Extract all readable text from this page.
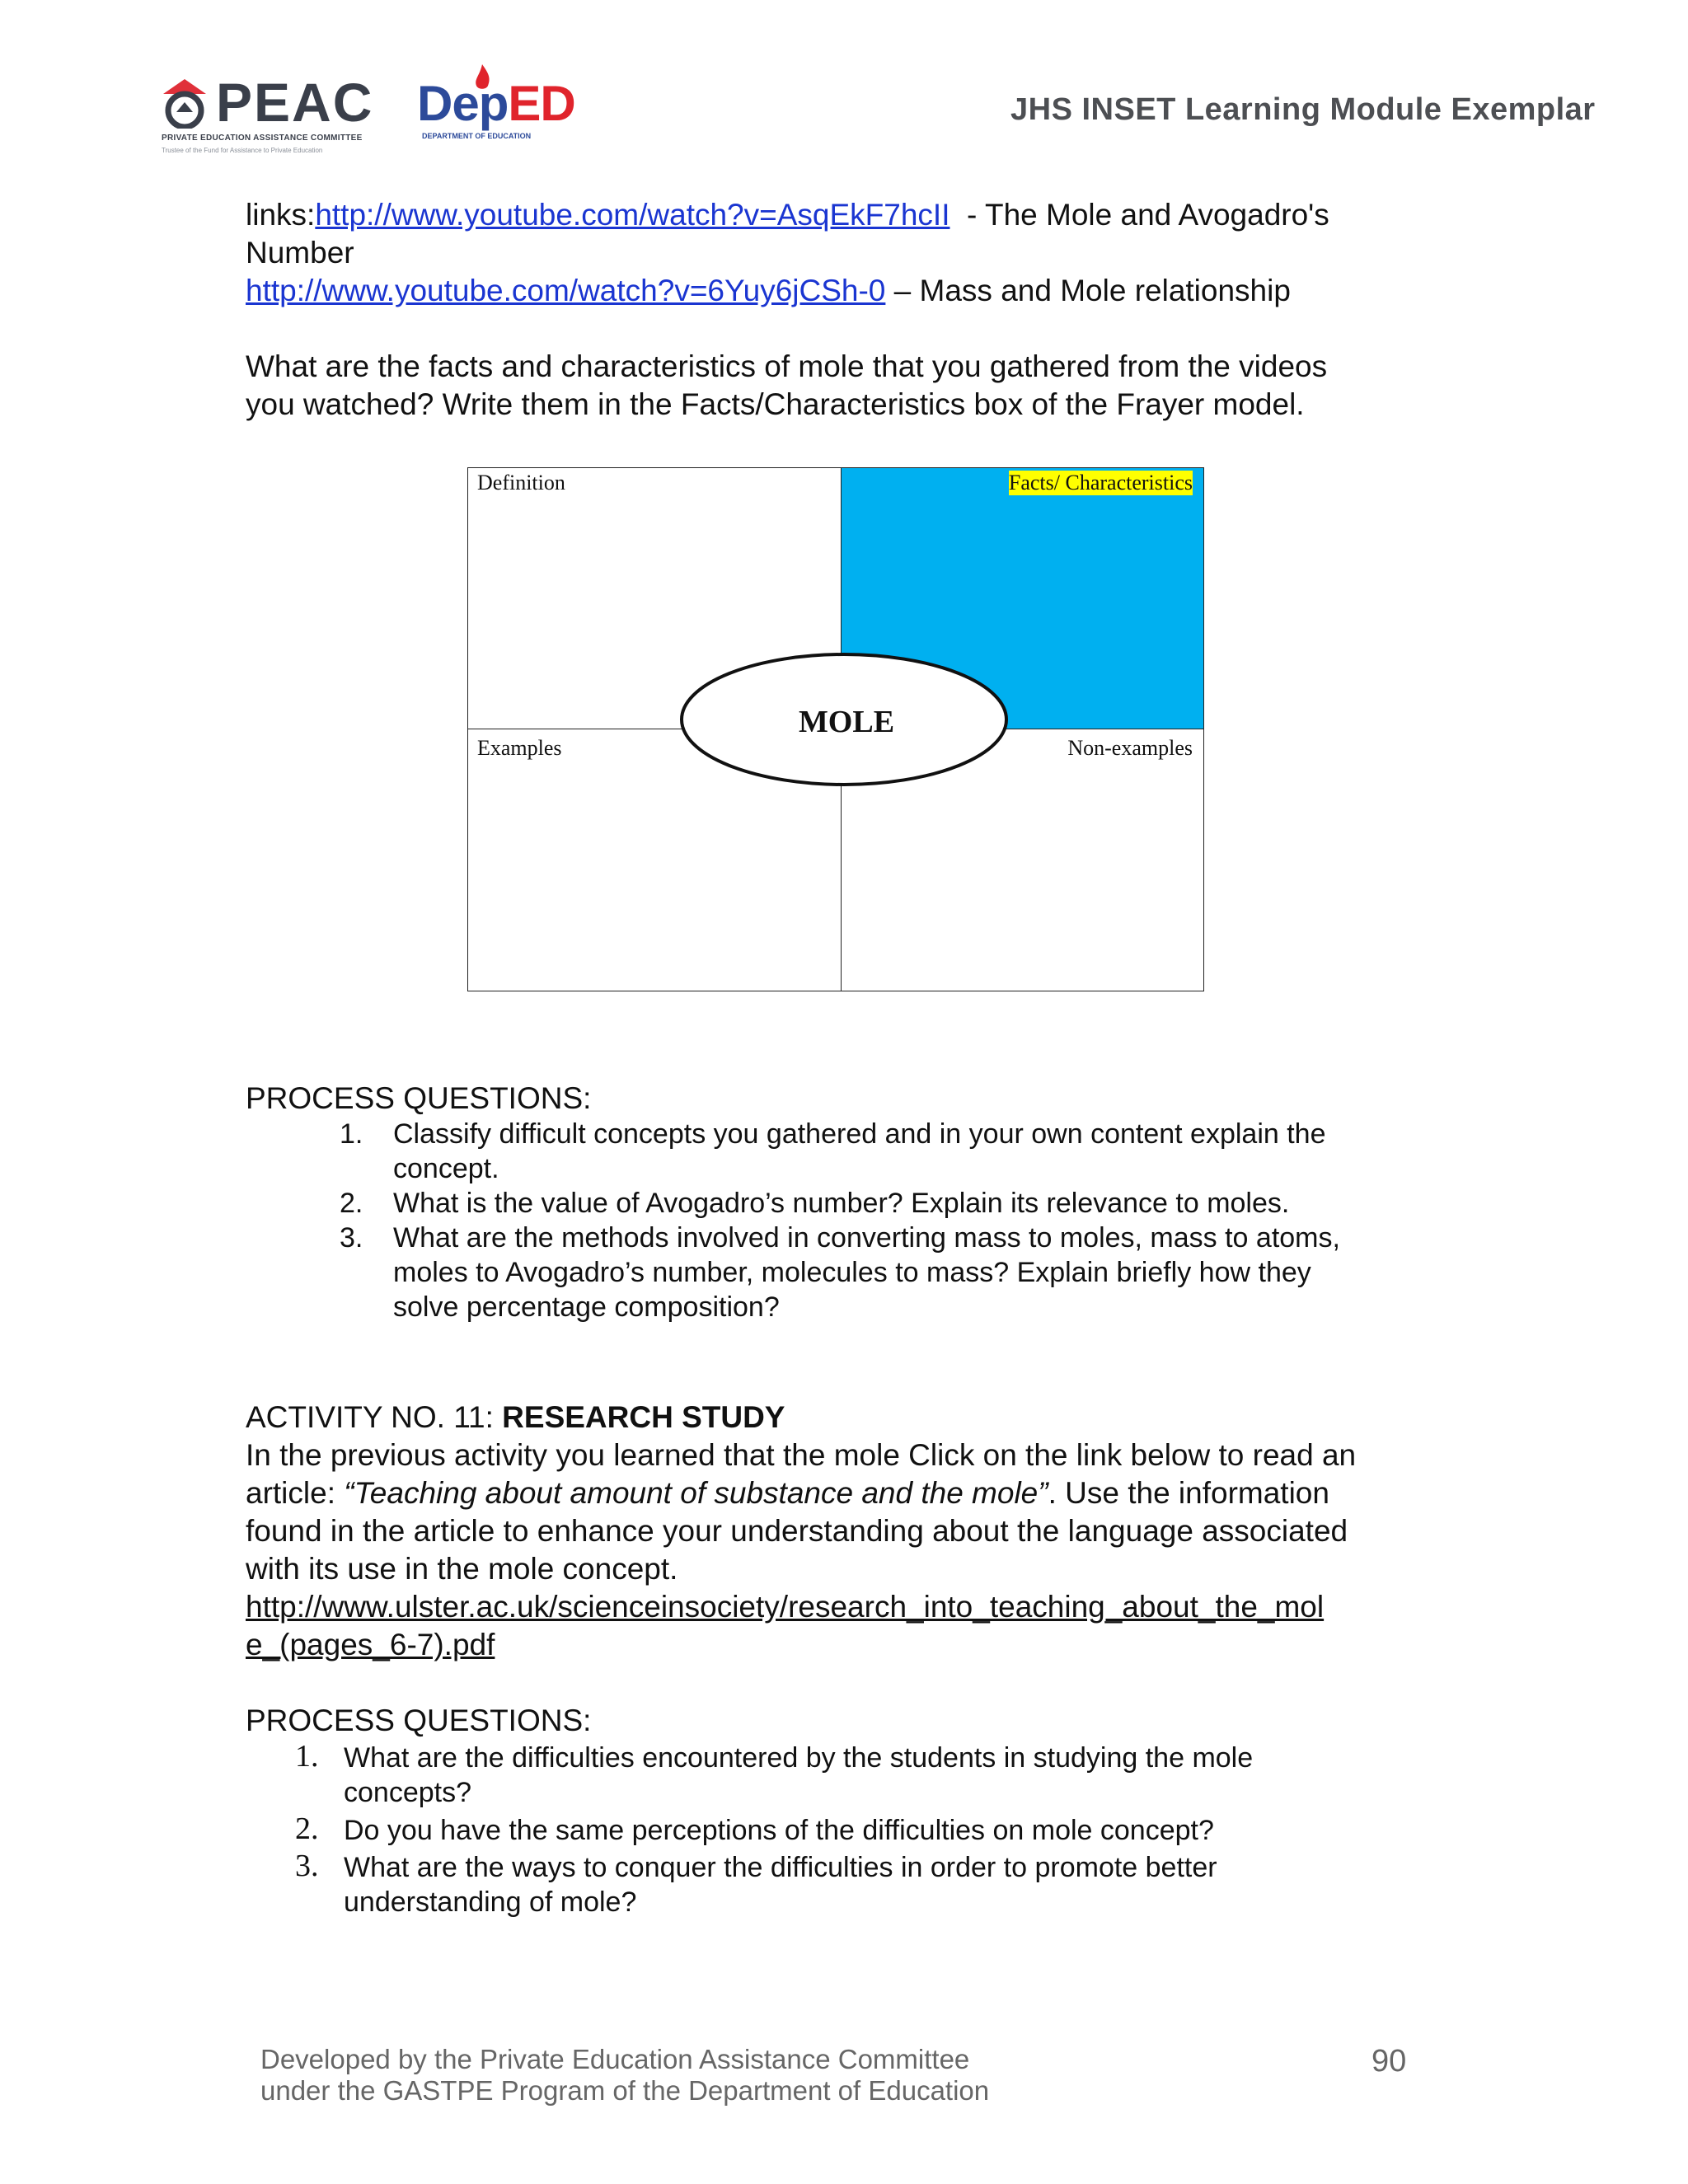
PEAC
PRIVATE EDUCATION ASSISTANCE COMMITTEE
Trustee of the Fund for Assistance to Private Education
DepED
DEPARTMENT OF EDUCATION
JHS INSET Learning Module Exemplar
links:http://www.youtube.com/watch?v=AsqEkF7hcII  - The Mole and Avogadro's
Number
http://www.youtube.com/watch?v=6Yuy6jCSh-0 – Mass and Mole relationship
What are the facts and characteristics of mole that you gathered from the videos
you watched? Write them in the Facts/Characteristics box of the Frayer model.
Definition	Facts/ Characteristics
Examples	Non-examples
MOLE
PROCESS QUESTIONS:
1. Classify difficult concepts you gathered and in your own content explain the
concept.
2. What is the value of Avogadro’s number? Explain its relevance to moles.
3. What are the methods involved in converting mass to moles, mass to atoms,
moles to Avogadro’s number, molecules to mass? Explain briefly how they
solve percentage composition?
ACTIVITY NO. 11: RESEARCH STUDY
In the previous activity you learned that the mole Click on the link below to read an
article: “Teaching about amount of substance and the mole”. Use the information
found in the article to enhance your understanding about the language associated
with its use in the mole concept.
http://www.ulster.ac.uk/scienceinsociety/research_into_teaching_about_the_mol
e_(pages_6-7).pdf
PROCESS QUESTIONS:
1. What are the difficulties encountered by the students in studying the mole
concepts?
2. Do you have the same perceptions of the difficulties on mole concept?
3. What are the ways to conquer the difficulties in order to promote better
understanding of mole?
Developed by the Private Education Assistance Committee
under the GASTPE Program of the Department of Education
90
